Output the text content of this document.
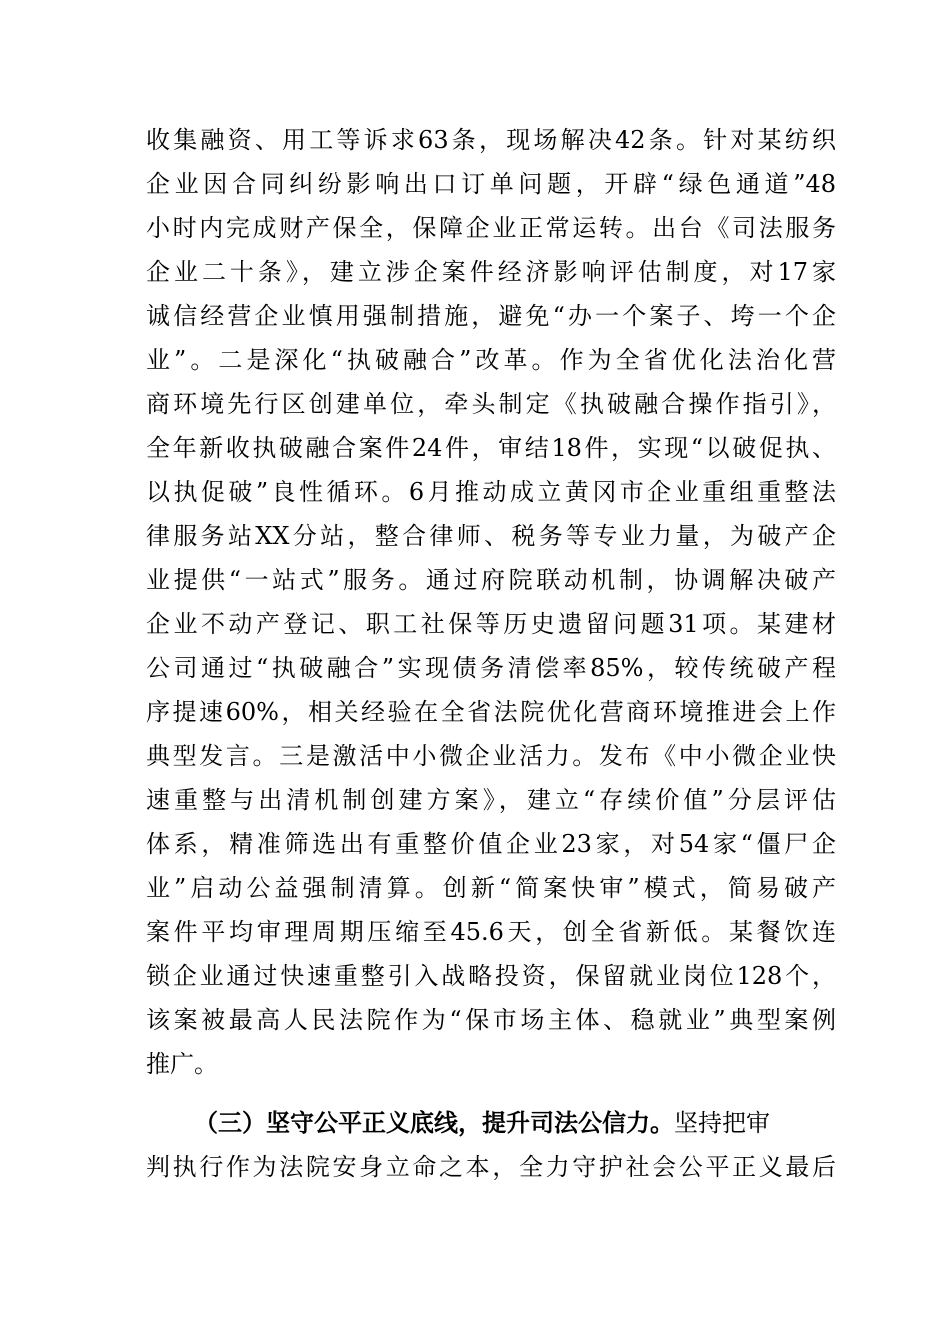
收集融资、用工等诉求63条，现场解决42条。针对某纺织
企业因合同纠纷影响出口订单问题，开辟“绿色通道”48
小时内完成财产保全，保障企业正常运转。出台《司法服务
企业二十条》，建立涉企案件经济影响评估制度，对17家
诚信经营企业慎用强制措施，避免“办一个案子、垮一个企
业”。二是深化“执破融合”改革。作为全省优化法治化营
商环境先行区创建单位，牵头制定《执破融合操作指引》，
全年新收执破融合案件24件，审结18件，实现“以破促执、
以执促破”良性循环。6月推动成立黄冈市企业重组重整法
律服务站XX分站，整合律师、税务等专业力量，为破产企
业提供“一站式”服务。通过府院联动机制，协调解决破产
企业不动产登记、职工社保等历史遗留问题31项。某建材
公司通过“执破融合”实现债务清偿率85%，较传统破产程
序提速60%，相关经验在全省法院优化营商环境推进会上作
典型发言。三是激活中小微企业活力。发布《中小微企业快
速重整与出清机制创建方案》，建立“存续价值”分层评估
体系，精准筛选出有重整价值企业23家，对54家“僵尸企
业”启动公益强制清算。创新“简案快审”模式，简易破产
案件平均审理周期压缩至45.6天，创全省新低。某餐饮连
锁企业通过快速重整引入战略投资，保留就业岗位128个，
该案被最高人民法院作为“保市场主体、稳就业”典型案例
推广。
（三）坚守公平正义底线，提升司法公信力。坚持把审
判执行作为法院安身立命之本，全力守护社会公平正义最后
